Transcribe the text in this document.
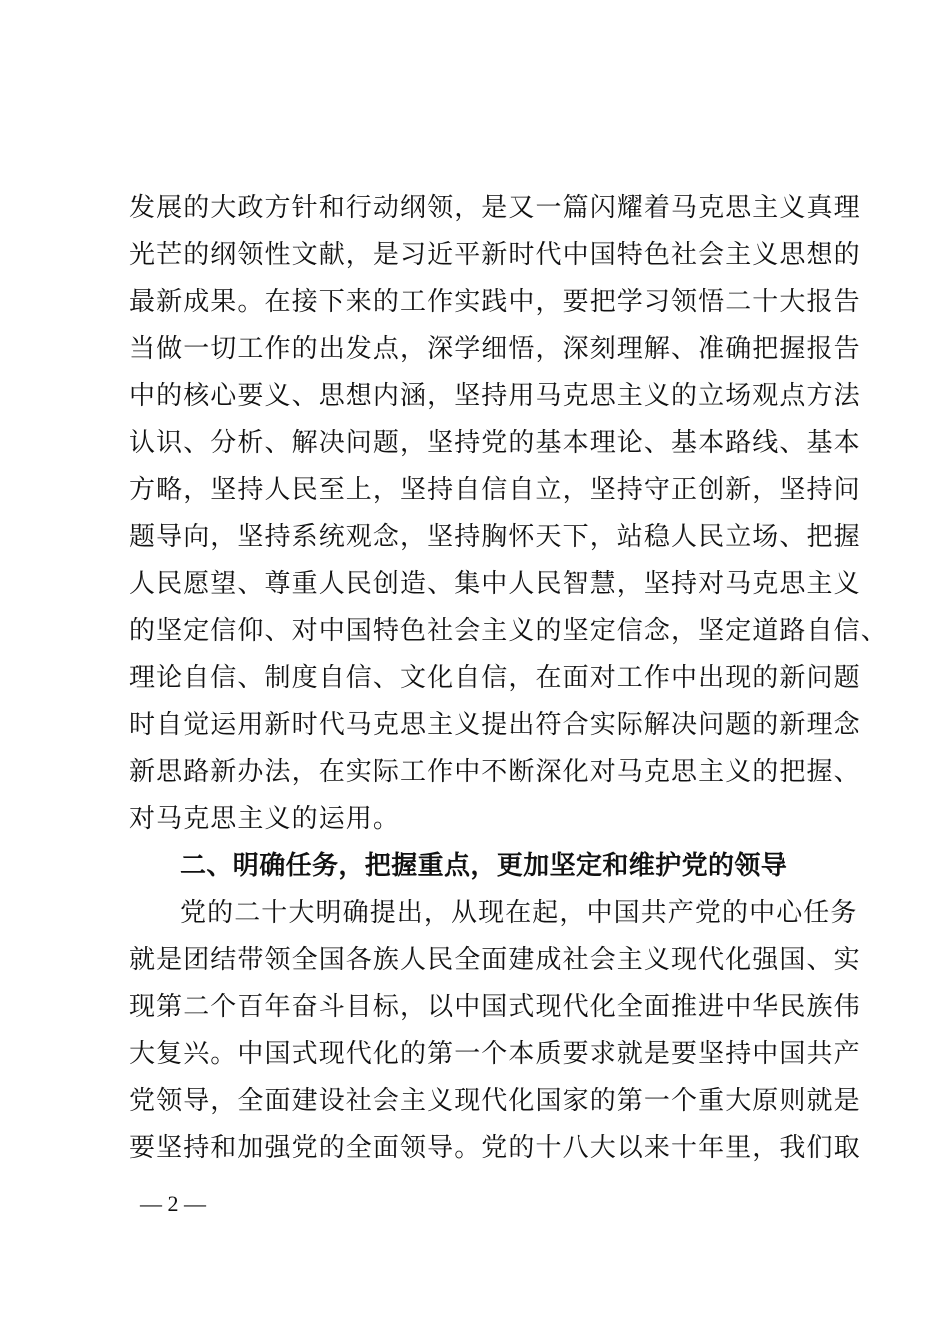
发展的大政方针和行动纲领，是又一篇闪耀着马克思主义真理
光芒的纲领性文献，是习近平新时代中国特色社会主义思想的
最新成果。在接下来的工作实践中，要把学习领悟二十大报告
当做一切工作的出发点，深学细悟，深刻理解、准确把握报告
中的核心要义、思想内涵，坚持用马克思主义的立场观点方法
认识、分析、解决问题，坚持党的基本理论、基本路线、基本
方略，坚持人民至上，坚持自信自立，坚持守正创新，坚持问
题导向，坚持系统观念，坚持胸怀天下，站稳人民立场、把握
人民愿望、尊重人民创造、集中人民智慧，坚持对马克思主义
的坚定信仰、对中国特色社会主义的坚定信念，坚定道路自信、
理论自信、制度自信、文化自信，在面对工作中出现的新问题
时自觉运用新时代马克思主义提出符合实际解决问题的新理念
新思路新办法，在实际工作中不断深化对马克思主义的把握、
对马克思主义的运用。
二、明确任务，把握重点，更加坚定和维护党的领导
党的二十大明确提出，从现在起，中国共产党的中心任务
就是团结带领全国各族人民全面建成社会主义现代化强国、实
现第二个百年奋斗目标，以中国式现代化全面推进中华民族伟
大复兴。中国式现代化的第一个本质要求就是要坚持中国共产
党领导，全面建设社会主义现代化国家的第一个重大原则就是
要坚持和加强党的全面领导。党的十八大以来十年里，我们取
— 2 —
